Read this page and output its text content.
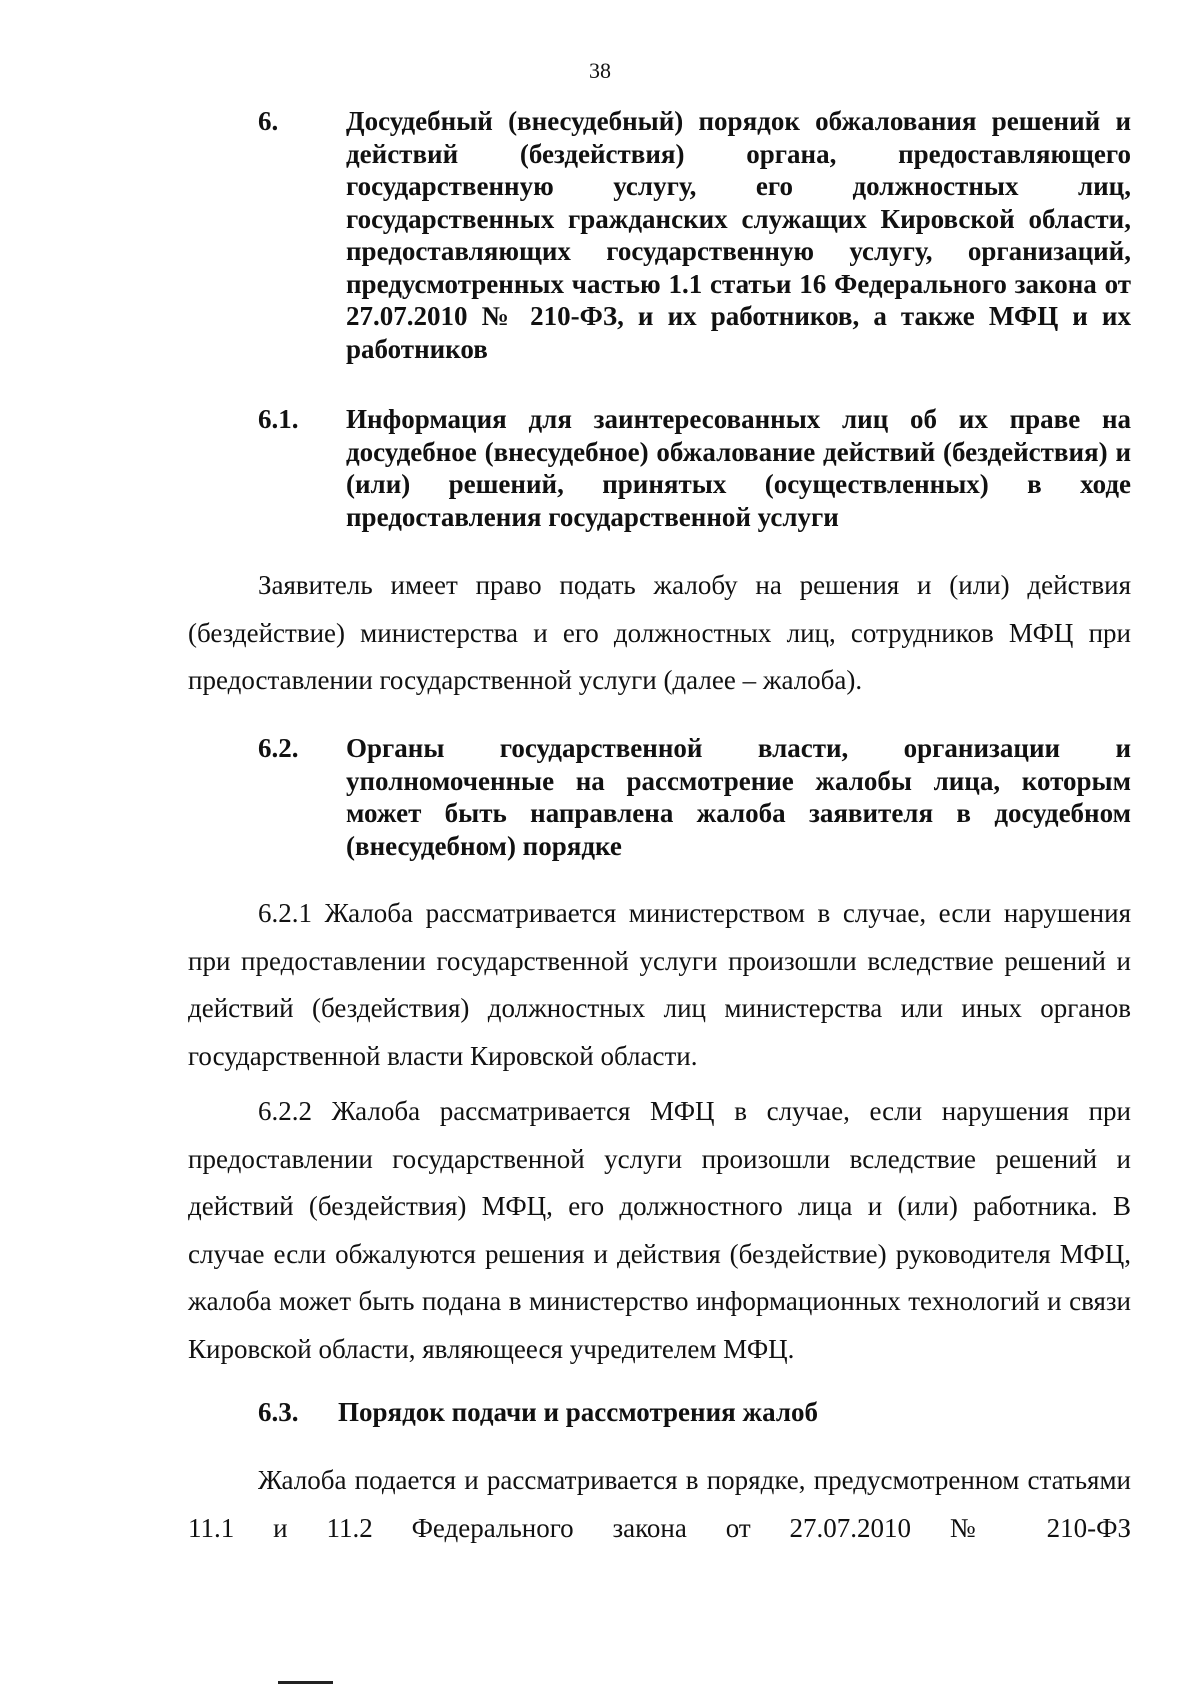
38
6.	Досудебный (внесудебный) порядок обжалования решений и действий (бездействия) органа, предоставляющего государственную услугу, его должностных лиц, государственных гражданских служащих Кировской области, предоставляющих государственную услугу, организаций, предусмотренных частью 1.1 статьи 16 Федерального закона от 27.07.2010 № 210-ФЗ, и их работников, а также МФЦ и их работников
6.1. Информация для заинтересованных лиц об их праве на досудебное (внесудебное) обжалование действий (бездействия) и (или) решений, принятых (осуществленных) в ходе предоставления государственной услуги

Заявитель имеет право подать жалобу на решения и (или) действия (бездействие) министерства и его должностных лиц, сотрудников МФЦ при предоставлении государственной услуги (далее – жалоба).

6.2. Органы государственной власти, организации и уполномоченные на рассмотрение жалобы лица, которым может быть направлена жалоба заявителя в досудебном (внесудебном) порядке

6.2.1 Жалоба рассматривается министерством в случае, если нарушения при предоставлении государственной услуги произошли вследствие решений и действий (бездействия) должностных лиц министерства или иных органов государственной власти Кировской области.

6.2.2 Жалоба рассматривается МФЦ в случае, если нарушения при предоставлении государственной услуги произошли вследствие решений и действий (бездействия) МФЦ, его должностного лица и (или) работника. В случае если обжалуются решения и действия (бездействие) руководителя МФЦ, жалоба может быть подана в министерство информационных технологий и связи Кировской области, являющееся учредителем МФЦ.

6.3. Порядок подачи и рассмотрения жалоб

Жалоба подается и рассматривается в порядке, предусмотренном статьями 11.1 и 11.2 Федерального закона от 27.07.2010 № 210-ФЗ
